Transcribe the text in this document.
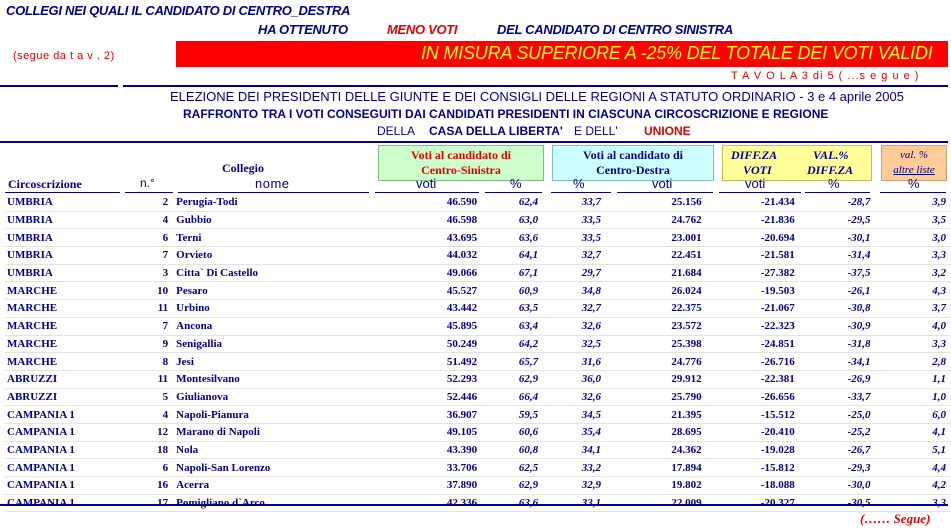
COLLEGI NEI QUALI IL CANDIDATO DI CENTRO_DESTRA
HA OTTENUTO	MENO VOTI	DEL CANDIDATO DI CENTRO SINISTRA
(segue da t a v . 2)	IN MISURA SUPERIORE A -25% DEL TOTALE DEI VOTI VALIDI
T A V O L A 3 di 5 ( ...s e g u e )
ELEZIONE DEI PRESIDENTI DELLE GIUNTE E DEI CONSIGLI DELLE REGIONI A STATUTO ORDINARIO - 3 e 4 aprile 2005
RAFFRONTO TRA I VOTI CONSEGUITI DAI CANDIDATI PRESIDENTI IN CIASCUNA CIRCOSCRIZIONE E REGIONE
DELLA CASA DELLA LIBERTA' E DELL' UNIONE
Voti al candidato di
Centro-Sinistra
Voti al candidato di
Centro-Destra
DIFF.ZA	VAL.%
VOTI	DIFF.ZA
val. %
altre liste
Collegio
Circoscrizione	n.°	nome	voti	%	%	voti	voti	%	%
UMBRIA	2	Perugia-Todi	46.590	62,4	33,7	25.156	-21.434	-28,7	3,9
UMBRIA	4	Gubbio	46.598	63,0	33,5	24.762	-21.836	-29,5	3,5
UMBRIA	6	Terni	43.695	63,6	33,5	23.001	-20.694	-30,1	3,0
UMBRIA	7	Orvieto	44.032	64,1	32,7	22.451	-21.581	-31,4	3,3
UMBRIA	3	Citta` Di Castello	49.066	67,1	29,7	21.684	-27.382	-37,5	3,2
MARCHE	10	Pesaro	45.527	60,9	34,8	26.024	-19.503	-26,1	4,3
MARCHE	11	Urbino	43.442	63,5	32,7	22.375	-21.067	-30,8	3,7
MARCHE	7	Ancona	45.895	63,4	32,6	23.572	-22.323	-30,9	4,0
MARCHE	9	Senigallia	50.249	64,2	32,5	25.398	-24.851	-31,8	3,3
MARCHE	8	Jesi	51.492	65,7	31,6	24.776	-26.716	-34,1	2,8
ABRUZZI	11	Montesilvano	52.293	62,9	36,0	29.912	-22.381	-26,9	1,1
ABRUZZI	5	Giulianova	52.446	66,4	32,6	25.790	-26.656	-33,7	1,0
CAMPANIA 1	4	Napoli-Pianura	36.907	59,5	34,5	21.395	-15.512	-25,0	6,0
CAMPANIA 1	12	Marano di Napoli	49.105	60,6	35,4	28.695	-20.410	-25,2	4,1
CAMPANIA 1	18	Nola	43.390	60,8	34,1	24.362	-19.028	-26,7	5,1
CAMPANIA 1	6	Napoli-San Lorenzo	33.706	62,5	33,2	17.894	-15.812	-29,3	4,4
CAMPANIA 1	16	Acerra	37.890	62,9	32,9	19.802	-18.088	-30,0	4,2
CAMPANIA 1	17	Pomigliano d`Arco	42.336	63,6	33,1	22.009	-20.327	-30,5	3,3
(…… Segue)
